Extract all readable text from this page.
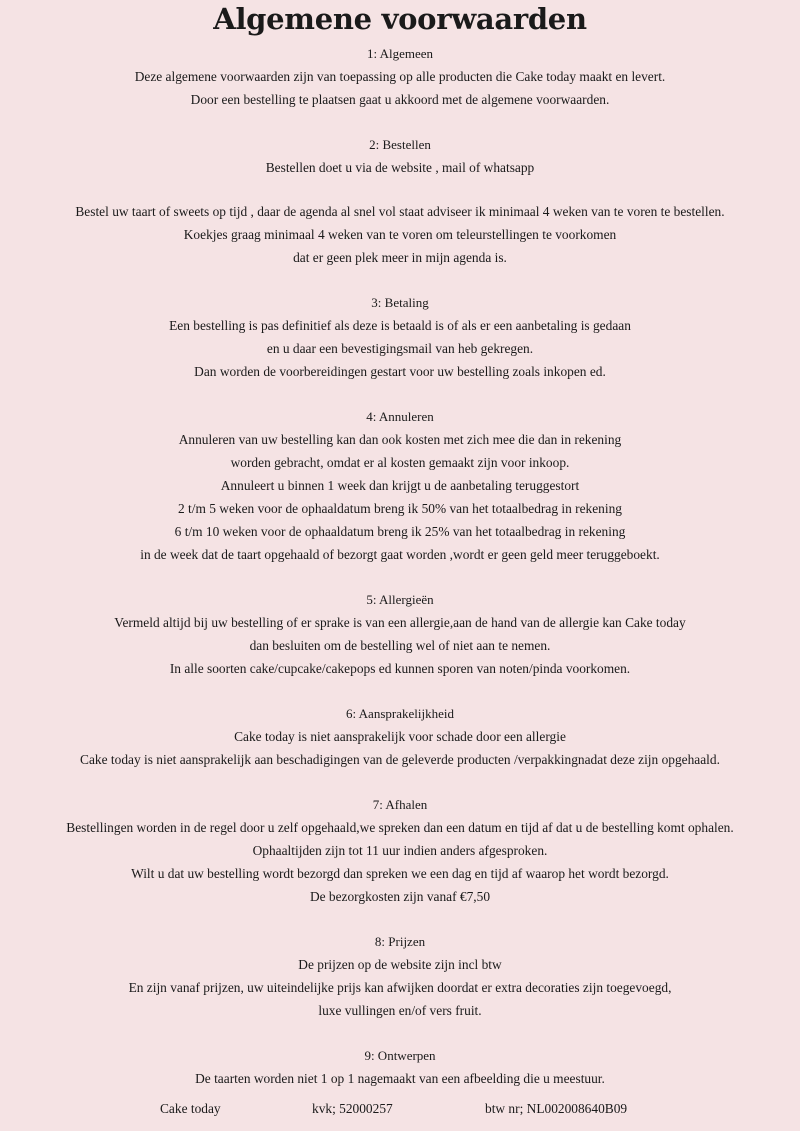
Algemene voorwaarden

1: Algemeen

Deze algemene voorwaarden zijn van toepassing op alle producten die Cake today maakt en levert.

Door een bestelling te plaatsen gaat u akkoord met de algemene voorwaarden.

2: Bestellen

Bestellen doet u via de website , mail of whatsapp

Bestel uw taart of sweets op tijd , daar de agenda al snel vol staat adviseer ik minimaal 4 weken van te voren te bestellen.

Koekjes graag minimaal 4 weken van te voren om teleurstellingen te voorkomen

dat er geen plek meer in mijn agenda is.

3: Betaling

Een bestelling is pas definitief als deze is betaald is of als er een aanbetaling is gedaan

en u daar een bevestigingsmail van heb gekregen.

Dan worden de voorbereidingen gestart voor uw bestelling zoals inkopen ed.

4: Annuleren

Annuleren van uw bestelling kan dan ook kosten met zich mee die dan in rekening

worden gebracht, omdat er al kosten gemaakt zijn voor inkoop.

Annuleert u binnen 1 week dan krijgt u de aanbetaling teruggestort

2 t/m 5 weken voor de ophaaldatum breng ik 50% van het totaalbedrag in rekening

6 t/m 10 weken voor de ophaaldatum breng ik 25% van het totaalbedrag in rekening

in de week dat de taart opgehaald of bezorgt gaat worden ,wordt er geen geld meer teruggeboekt.

5: Allergieën

Vermeld altijd bij uw bestelling of er sprake is van een allergie,aan de hand van de allergie kan Cake today

dan besluiten om de bestelling wel of niet aan te nemen.

In alle soorten cake/cupcake/cakepops ed kunnen sporen van noten/pinda voorkomen.

6: Aansprakelijkheid

Cake today is niet aansprakelijk voor schade door een allergie

Cake today is niet aansprakelijk aan beschadigingen van de geleverde producten /verpakkingnadat deze zijn opgehaald.

7: Afhalen

Bestellingen worden in de regel door u zelf opgehaald,we spreken dan een datum en tijd af dat u de bestelling komt ophalen.

Ophaaltijden zijn tot 11 uur indien anders afgesproken.

Wilt u dat uw bestelling wordt bezorgd dan spreken we een dag en tijd af waarop het wordt bezorgd.

De bezorgkosten zijn vanaf €7,50

8: Prijzen

De prijzen op de website zijn incl btw

En zijn vanaf prijzen, uw uiteindelijke prijs kan afwijken doordat er extra decoraties zijn toegevoegd,

luxe vullingen en/of vers fruit.

9: Ontwerpen

De taarten worden niet 1 op 1 nagemaakt van een afbeelding die u meestuur.

Cake today	kvk; 52000257	btw nr; NL002008640B09
